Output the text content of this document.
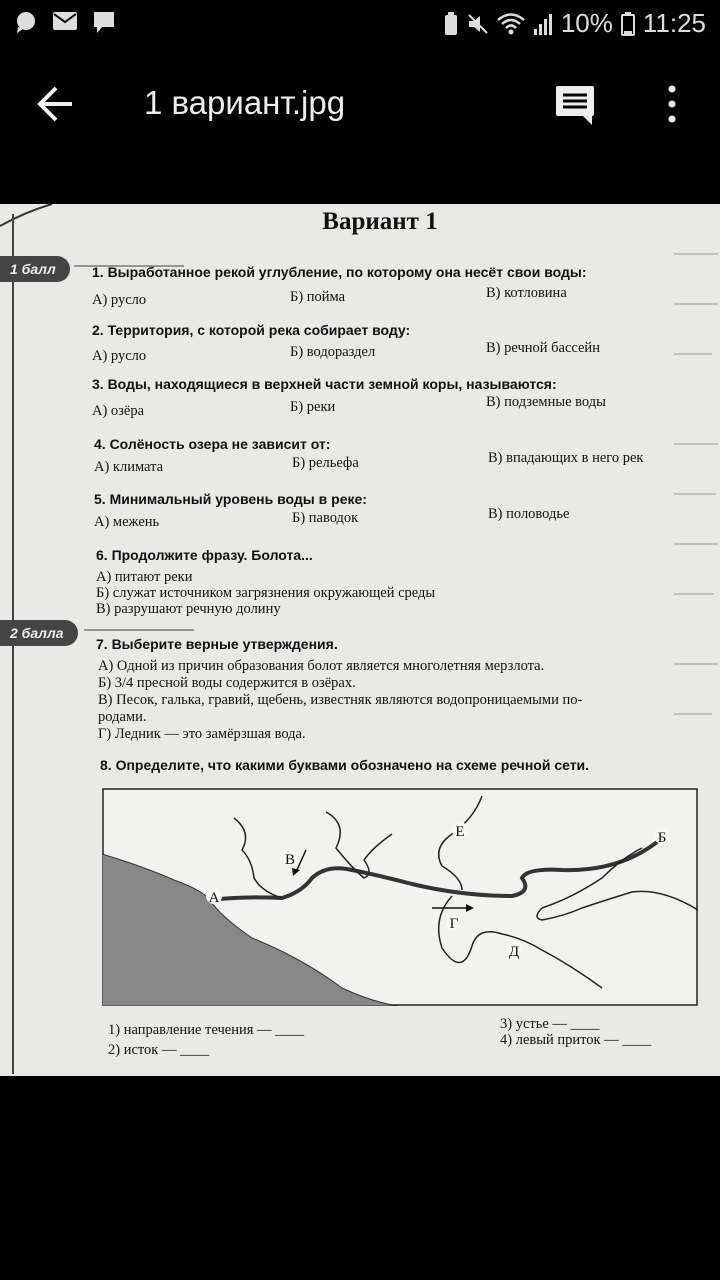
10% 11:25
1 вариант.jpg
Вариант 1
1 балл	1. Выработанное рекой углубление, по которому она несёт свои воды:
А) русло	Б) пойма	В) котловина
2. Территория, с которой река собирает воду:
А) русло	Б) водораздел	В) речной бассейн
3. Воды, находящиеся в верхней части земной коры, называются:
А) озёра	Б) реки	В) подземные воды
4. Солёность озера не зависит от:
А) климата	Б) рельефа	В) впадающих в него рек
5. Минимальный уровень воды в реке:
А) межень	Б) паводок	В) половодье
6. Продолжите фразу. Болота...
А) питают реки
Б) служат источником загрязнения окружающей среды
В) разрушают речную долину
2 балла
7. Выберите верные утверждения.
А) Одной из причин образования болот является многолетняя мерзлота.
Б) 3/4 пресной воды содержится в озёрах.
В) Песок, галька, гравий, щебень, известняк являются водопроницаемыми по-
родами.
Г) Ледник — это замёрзшая вода.
8. Определите, что какими буквами обозначено на схеме речной сети.
А
Б
В
Г
Д
Е
1) направление течения — ____
2) исток — ____
3) устье — ____
4) левый приток — ____
